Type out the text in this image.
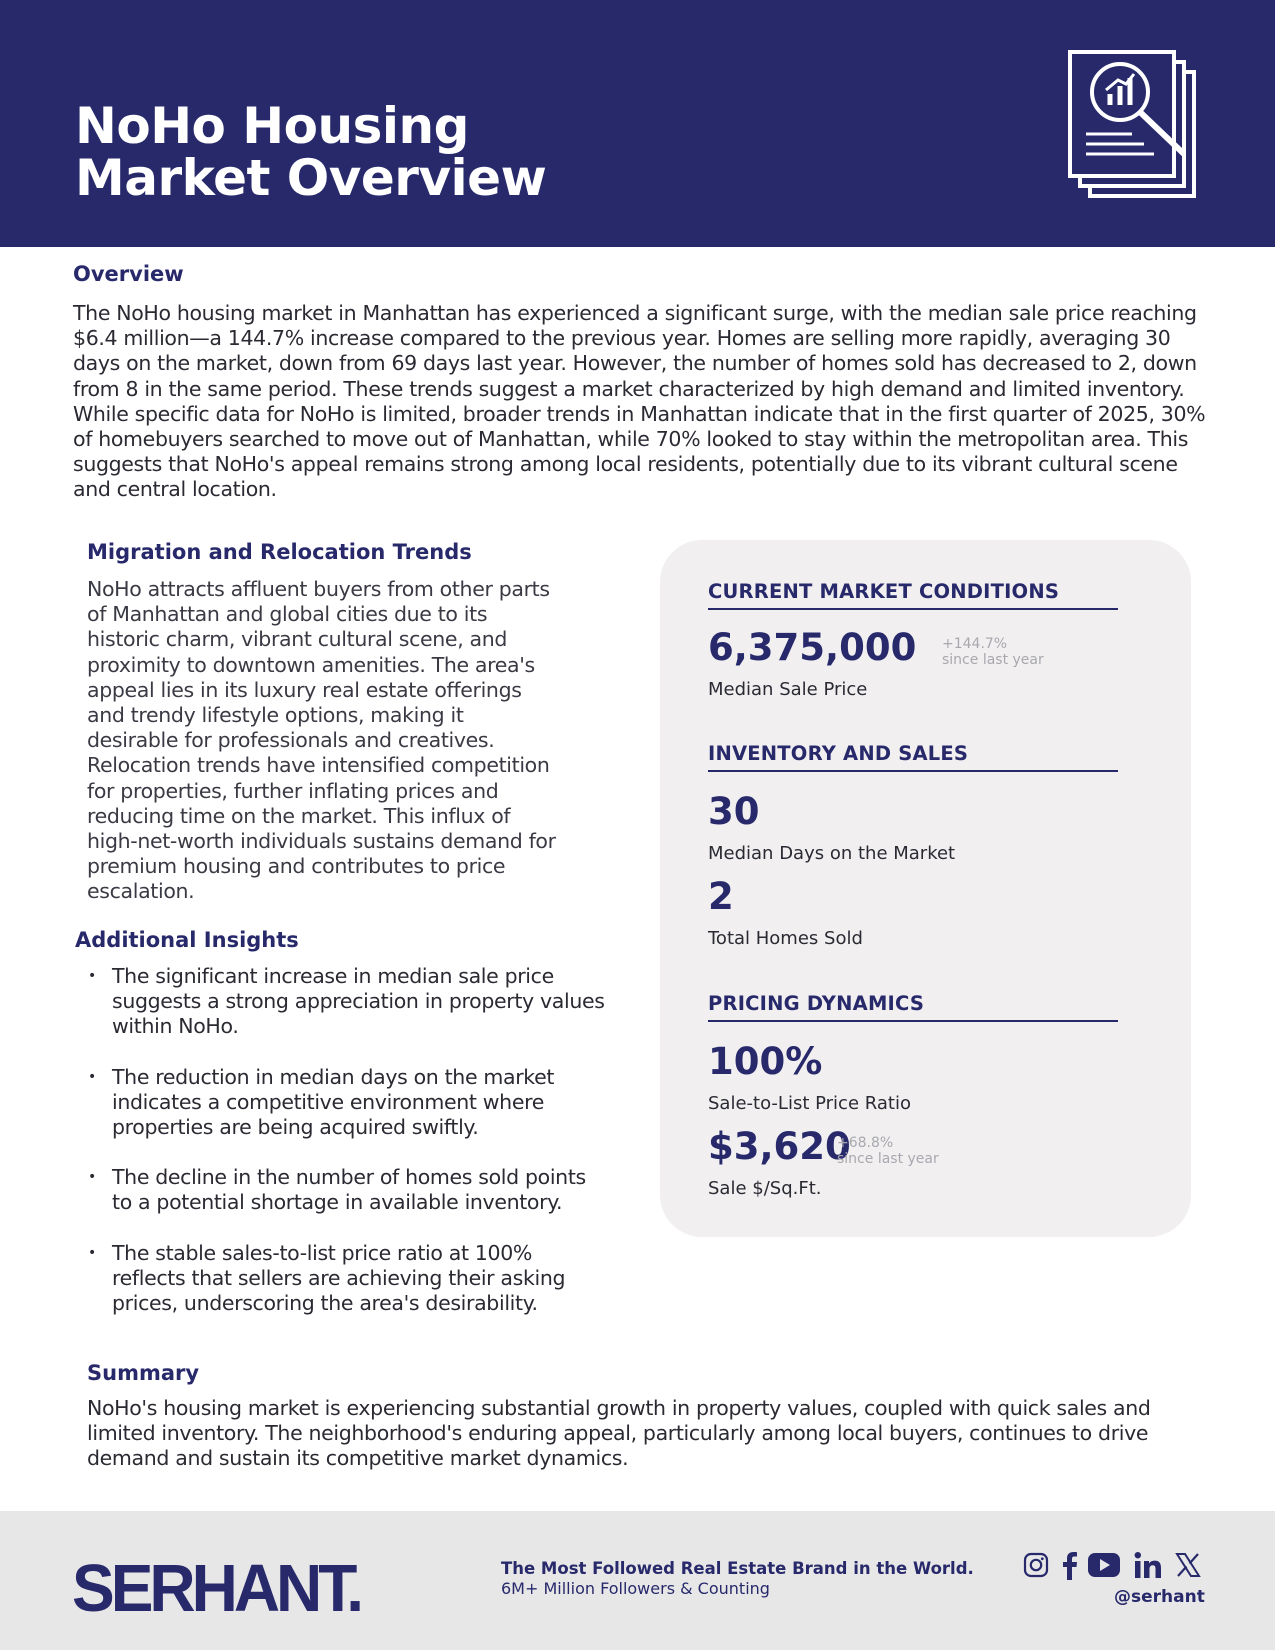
NoHo Housing
Market Overview
Overview
The NoHo housing market in Manhattan has experienced a significant surge, with the median sale price reaching $6.4 million—a 144.7% increase compared to the previous year. Homes are selling more rapidly, averaging 30 days on the market, down from 69 days last year. However, the number of homes sold has decreased to 2, down from 8 in the same period. These trends suggest a market characterized by high demand and limited inventory. While specific data for NoHo is limited, broader trends in Manhattan indicate that in the first quarter of 2025, 30% of homebuyers searched to move out of Manhattan, while 70% looked to stay within the metropolitan area. This suggests that NoHo's appeal remains strong among local residents, potentially due to its vibrant cultural scene and central location.
Migration and Relocation Trends
NoHo attracts affluent buyers from other parts of Manhattan and global cities due to its historic charm, vibrant cultural scene, and proximity to downtown amenities. The area's appeal lies in its luxury real estate offerings and trendy lifestyle options, making it desirable for professionals and creatives. Relocation trends have intensified competition for properties, further inflating prices and reducing time on the market. This influx of high-net-worth individuals sustains demand for premium housing and contributes to price escalation.
Additional Insights
• The significant increase in median sale price suggests a strong appreciation in property values within NoHo.
• The reduction in median days on the market indicates a competitive environment where properties are being acquired swiftly.
• The decline in the number of homes sold points to a potential shortage in available inventory.
• The stable sales-to-list price ratio at 100% reflects that sellers are achieving their asking prices, underscoring the area's desirability.
CURRENT MARKET CONDITIONS
6,375,000 +144.7%
since last year
Median Sale Price
INVENTORY AND SALES
30
Median Days on the Market
2
Total Homes Sold
PRICING DYNAMICS
100%
Sale-to-List Price Ratio
$3,620
+68.8%
since last year
Sale $/Sq.Ft.
Summary
NoHo's housing market is experiencing substantial growth in property values, coupled with quick sales and limited inventory. The neighborhood's enduring appeal, particularly among local buyers, continues to drive demand and sustain its competitive market dynamics.
SERHANT.	The Most Followed Real Estate Brand in the World.
6M+ Million Followers & Counting	@serhant
